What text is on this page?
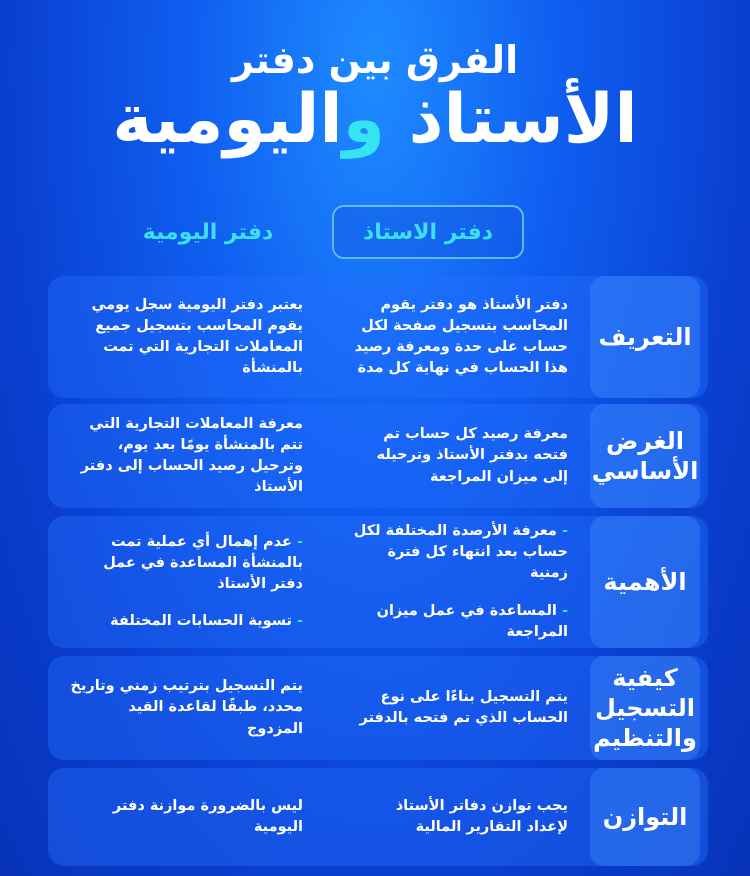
الفرق بين دفتر
الأستاذ واليومية
دفتر الاستاذ
دفتر اليومية
التعريف

دفتر الأستاذ هو دفتر يقوم المحاسب بتسجيل صفحة لكل حساب على حدة ومعرفة رصيد هذا الحساب في نهاية كل مدة

يعتبر دفتر اليومية سجل يومي يقوم المحاسب بتسجيل جميع المعاملات التجارية التي تمت بالمنشأة

الغرض الأساسي

معرفة رصيد كل حساب تم فتحه بدفتر الأستاذ وترحيله إلى ميزان المراجعة

معرفة المعاملات التجارية التي تتم بالمنشأة يومًا بعد يوم، وترحيل رصيد الحساب إلى دفتر الأستاذ

الأهمية

- معرفة الأرصدة المختلفة لكل حساب بعد انتهاء كل فترة زمنية

- المساعدة في عمل ميزان المراجعة

- عدم إهمال أي عملية تمت بالمنشأة المساعدة في عمل دفتر الأستاذ

- تسوية الحسابات المختلفة

كيفية التسجيل والتنظيم

يتم التسجيل بناءًا على نوع الحساب الذي تم فتحه بالدفتر

يتم التسجيل بترتيب زمني وتاريخ محدد، طبقًا لقاعدة القيد المزدوج

التوازن

يجب توازن دفاتر الأستاذ لإعداد التقارير المالية

ليس بالضرورة موازنة دفتر اليومية
